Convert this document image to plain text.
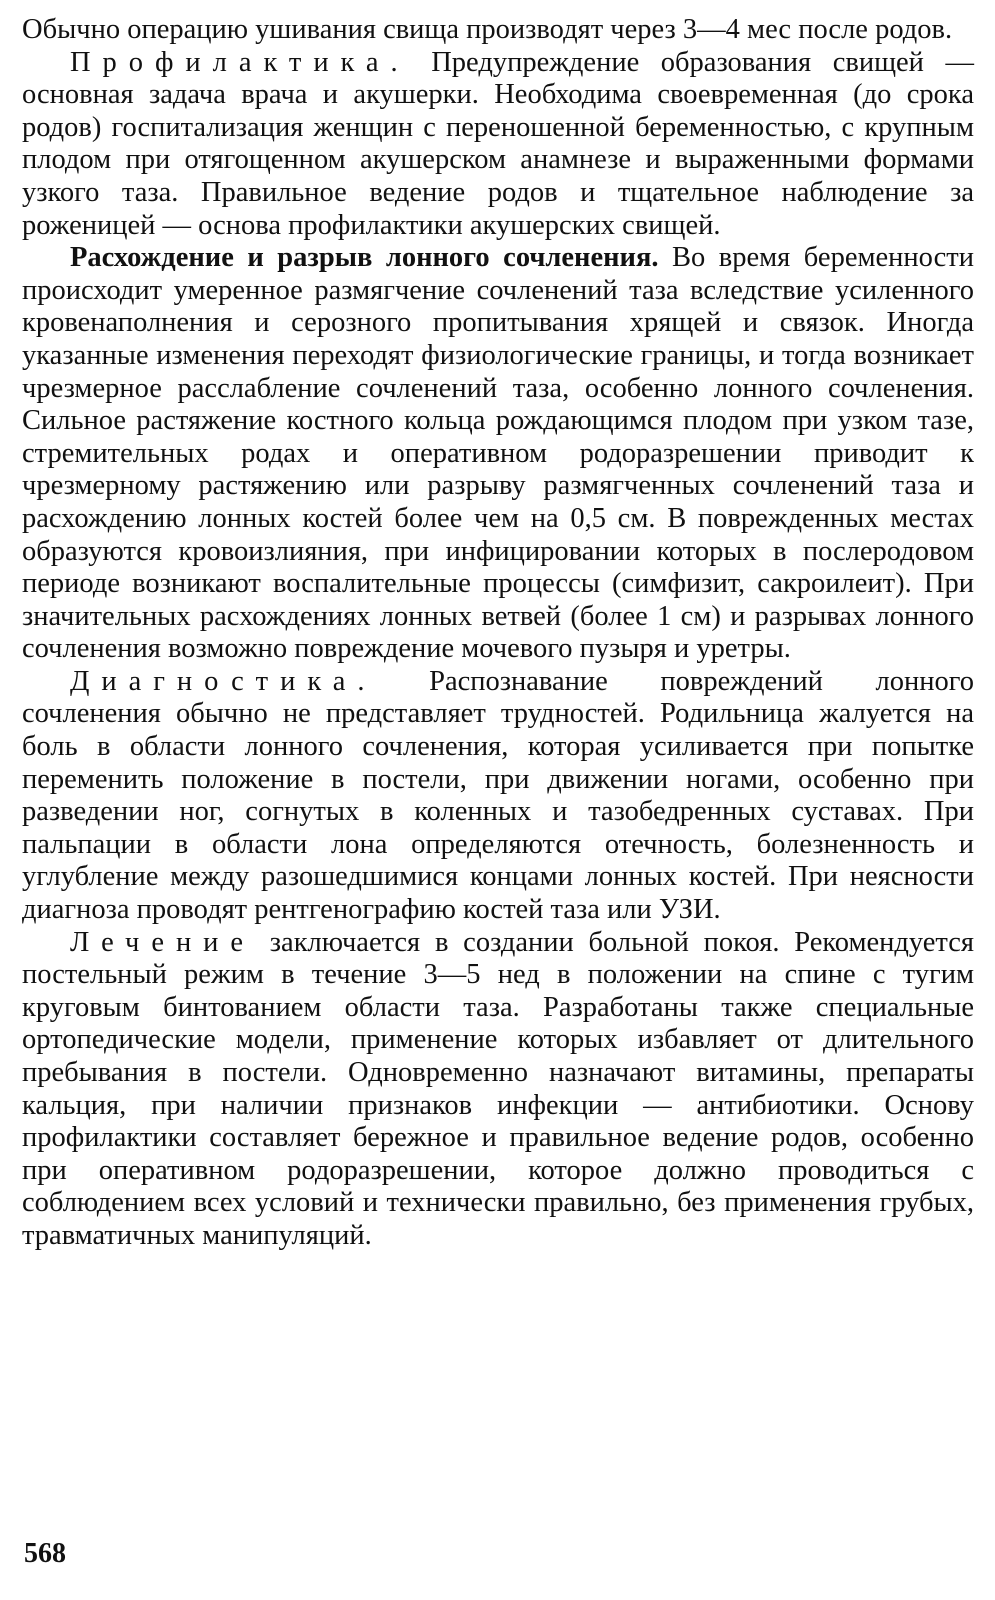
Обычно операцию ушивания свища производят через 3—4 мес после родов.

Профилактика. Предупреждение образования свищей — основная задача врача и акушерки. Необходима своевременная (до срока родов) госпитализация женщин с переношенной беременностью, с крупным плодом при отягощенном акушерском анамнезе и выраженными формами узкого таза. Правильное ведение родов и тщательное наблюдение за роженицей — основа профилактики акушерских свищей.

Расхождение и разрыв лонного сочленения. Во время беременности происходит умеренное размягчение сочленений таза вследствие усиленного кровенаполнения и серозного пропитывания хрящей и связок. Иногда указанные изменения переходят физиологические границы, и тогда возникает чрезмерное расслабление сочленений таза, особенно лонного сочленения. Сильное растяжение костного кольца рождающимся плодом при узком тазе, стремительных родах и оперативном родоразрешении приводит к чрезмерному растяжению или разрыву размягченных сочленений таза и расхождению лонных костей более чем на 0,5 см. В поврежденных местах образуются кровоизлияния, при инфицировании которых в послеродовом периоде возникают воспалительные процессы (симфизит, сакроилеит). При значительных расхождениях лонных ветвей (более 1 см) и разрывах лонного сочленения возможно повреждение мочевого пузыря и уретры.

Диагностика. Распознавание повреждений лонного сочленения обычно не представляет трудностей. Родильница жалуется на боль в области лонного сочленения, которая усиливается при попытке переменить положение в постели, при движении ногами, особенно при разведении ног, согнутых в коленных и тазобедренных суставах. При пальпации в области лона определяются отечность, болезненность и углубление между разошедшимися концами лонных костей. При неясности диагноза проводят рентгенографию костей таза или УЗИ.

Лечение заключается в создании больной покоя. Рекомендуется постельный режим в течение 3—5 нед в положении на спине с тугим круговым бинтованием области таза. Разработаны также специальные ортопедические модели, применение которых избавляет от длительного пребывания в постели. Одновременно назначают витамины, препараты кальция, при наличии признаков инфекции — антибиотики. Основу профилактики составляет бережное и правильное ведение родов, особенно при оперативном родоразрешении, которое должно проводиться с соблюдением всех условий и технически правильно, без применения грубых, травматичных манипуляций.

568
